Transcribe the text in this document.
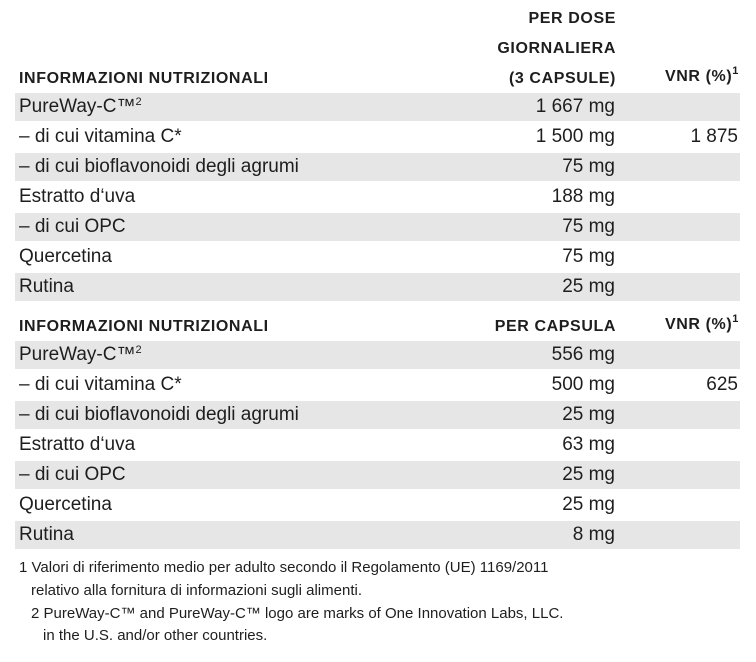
PER DOSE
GIORNALIERA
INFORMAZIONI NUTRIZIONALI	(3 CAPSULE)	VNR (%)$^1$
PureWay-C™$^2$	1 667 mg
– di cui vitamina C*	1 500 mg	1 875
– di cui bioflavonoidi degli agrumi	75 mg
Estratto d‘uva	188 mg
– di cui OPC	75 mg
Quercetina	75 mg
Rutina	25 mg
INFORMAZIONI NUTRIZIONALI	PER CAPSULA	VNR (%)$^1$
PureWay-C™$^2$	556 mg
– di cui vitamina C*	500 mg	625
– di cui bioflavonoidi degli agrumi	25 mg
Estratto d‘uva	63 mg
– di cui OPC	25 mg
Quercetina	25 mg
Rutina	8 mg
1 Valori di riferimento medio per adulto secondo il Regolamento (UE) 1169/2011
relativo alla fornitura di informazioni sugli alimenti.
2 PureWay-C™ and PureWay-C™ logo are marks of One Innovation Labs, LLC.
in the U.S. and/or other countries.
